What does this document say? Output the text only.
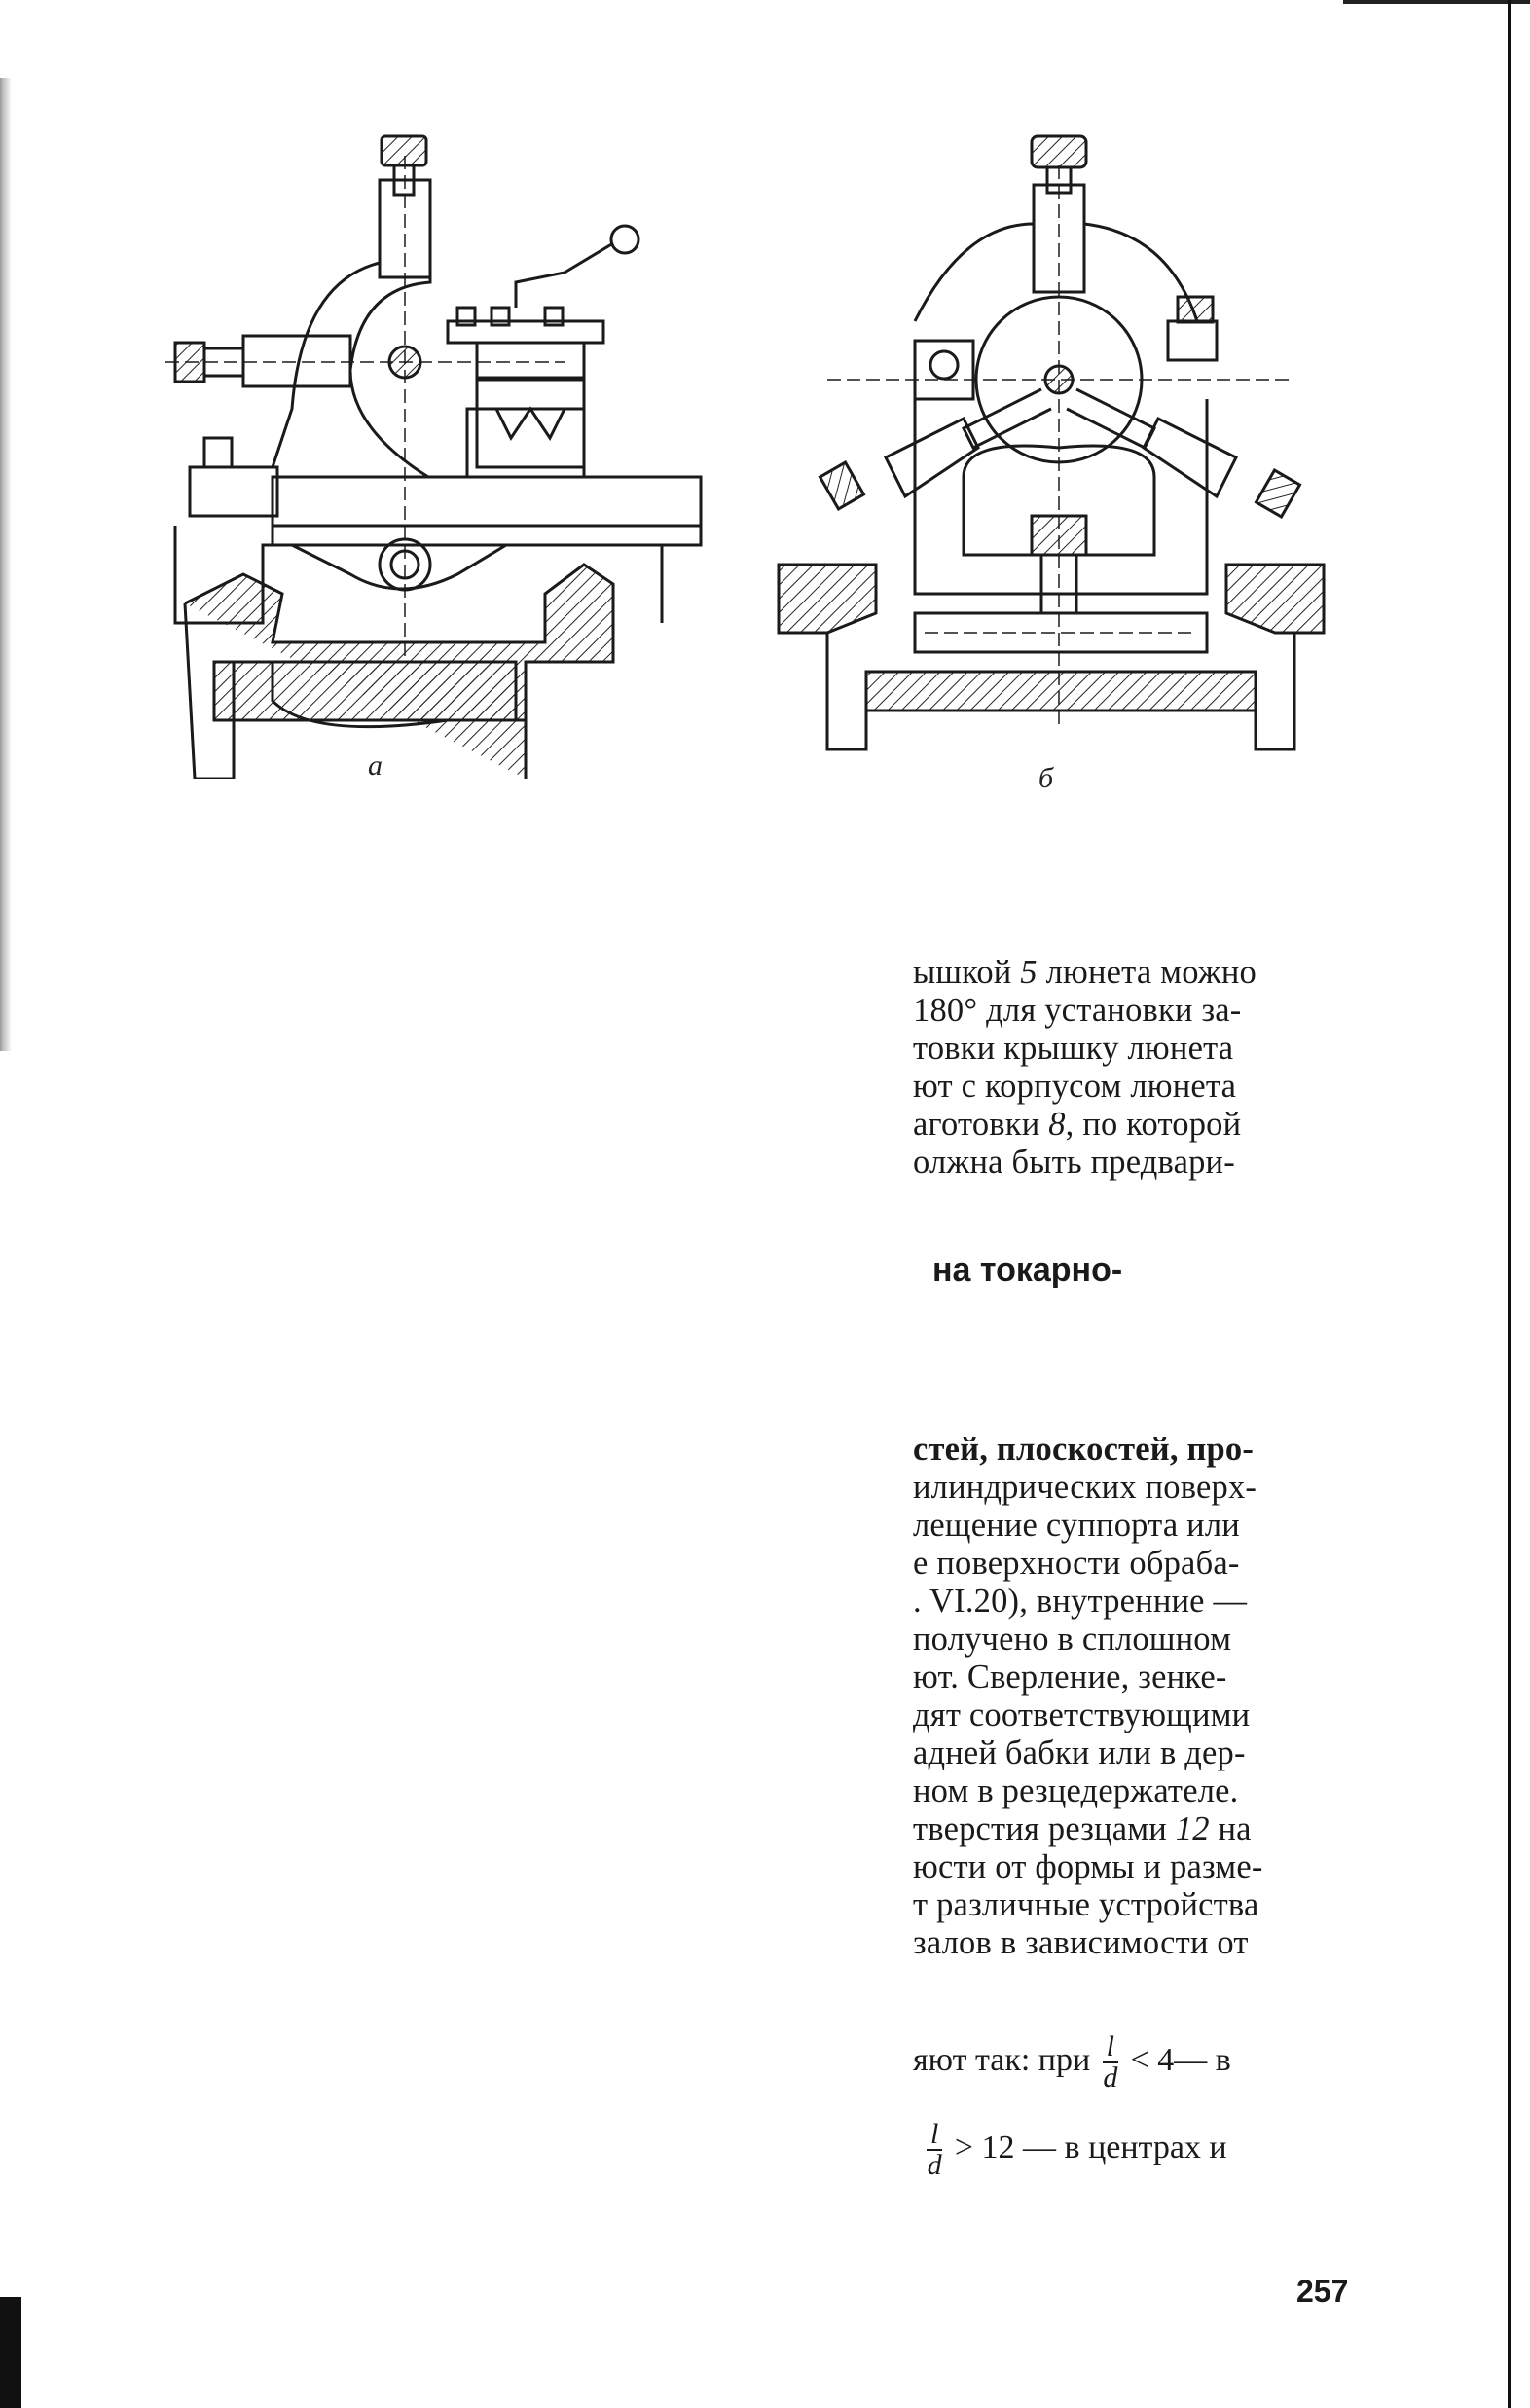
а	б
ышкой 5 люнета можно
180° для установки за-
товки крышку люнета
ют с корпусом люнета
аготовки 8, по которой
олжна быть предвари-
на токарно-
стей, плоскостей, про-
илиндрических поверх-
лещение суппорта или
е поверхности обраба-
. VI.20), внутренние —
получено в сплошном
ют. Сверление, зенке-
дят соответствующими
адней бабки или в дер-
ном в резцедержателе.
тверстия резцами 12 на
юсти от формы и разме-
т различные устройства
залов в зависимости от
яют так: при $\frac{l}{d}$ < 4— в
$\frac{l}{d} > 12$ — в центрах и
257
